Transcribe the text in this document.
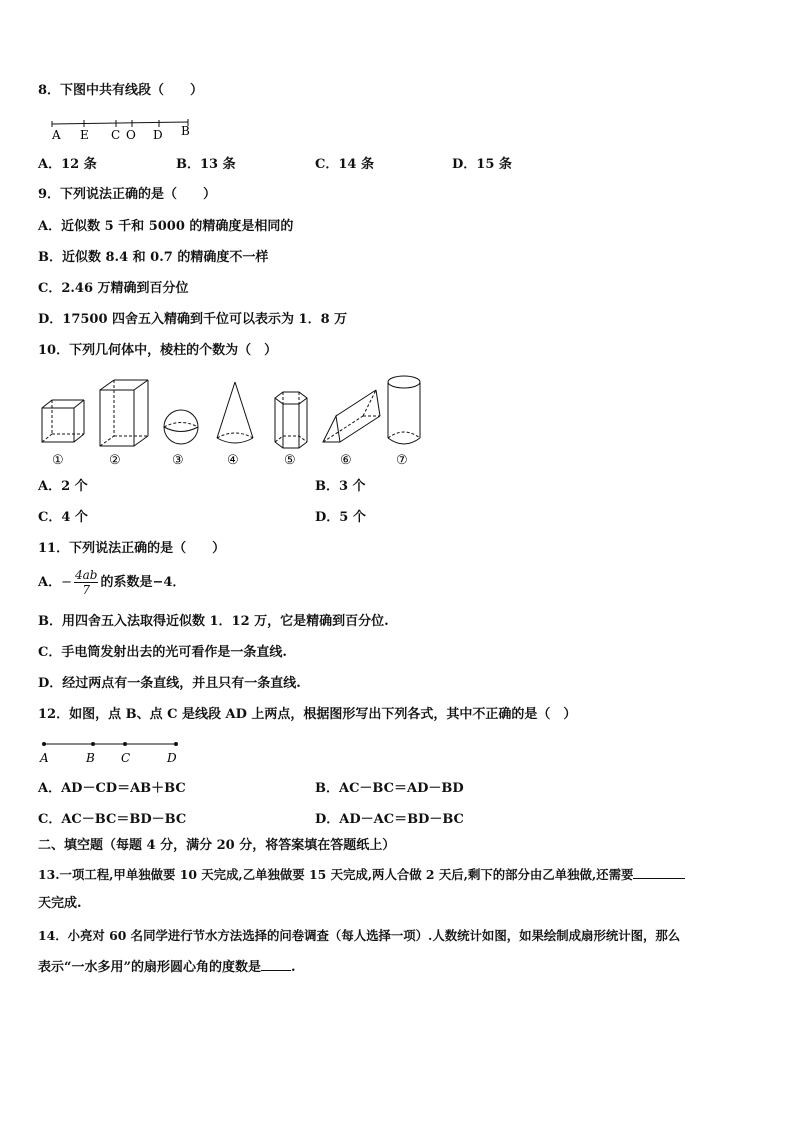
8．下图中共有线段（　　）
A E C O D B
A．12 条	B．13 条	C．14 条	D．15 条
9．下列说法正确的是（　　）
A．近似数 5 千和 5000 的精确度是相同的
B．近似数 8.4 和 0.7 的精确度不一样
C．2.46 万精确到百分位
D．17500 四舍五入精确到千位可以表示为 1．8 万
10．下列几何体中，棱柱的个数为（　）
①	②	③	④	⑤	⑥	⑦
A．2 个	B．3 个
C．4 个	D．5 个
11．下列说法正确的是（　　）
A．− $\frac{4ab}{7}$ 的系数是−4．
B．用四舍五入法取得近似数 1．12 万，它是精确到百分位.
C．手电筒发射出去的光可看作是一条直线.
D．经过两点有一条直线，并且只有一条直线.
12．如图，点 B、点 C 是线段 AD 上两点，根据图形写出下列各式，其中不正确的是（　）
A	B C	D
A．AD－CD＝AB＋BC	B．AC－BC＝AD－BD
C．AC－BC＝BD－BC	D．AD－AC＝BD－BC
二、填空题（每题 4 分，满分 20 分，将答案填在答题纸上）
13.一项工程,甲单独做要 10 天完成,乙单独做要 15 天完成,两人合做 2 天后,剩下的部分由乙单独做,还需要
天完成.
14．小亮对 60 名同学进行节水方法选择的问卷调查（每人选择一项）.人数统计如图，如果绘制成扇形统计图，那么
表示“一水多用”的扇形圆心角的度数是 .
